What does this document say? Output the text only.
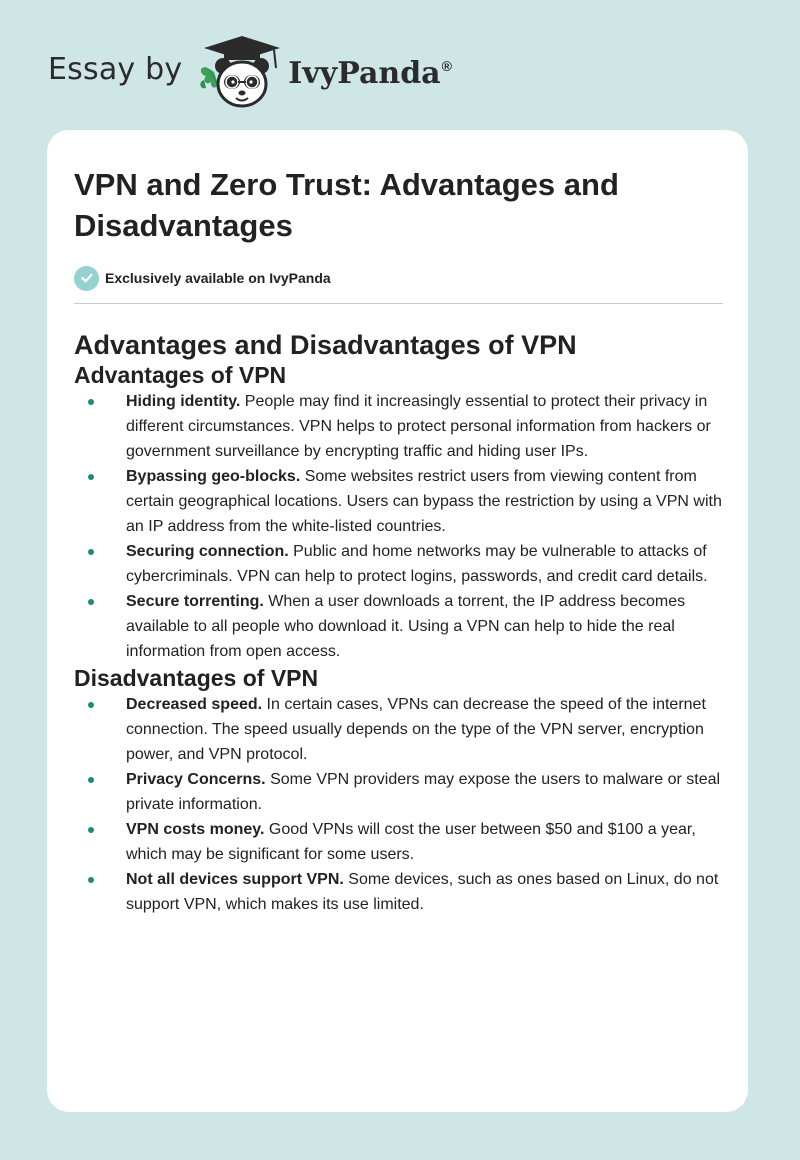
Essay by	IvyPanda®
VPN and Zero Trust: Advantages and Disadvantages
Exclusively available on IvyPanda
Advantages and Disadvantages of VPN
Advantages of VPN
Hiding identity. People may find it increasingly essential to protect their privacy in different circumstances. VPN helps to protect personal information from hackers or government surveillance by encrypting traffic and hiding user IPs.
Bypassing geo-blocks. Some websites restrict users from viewing content from certain geographical locations. Users can bypass the restriction by using a VPN with an IP address from the white-listed countries.
Securing connection. Public and home networks may be vulnerable to attacks of cybercriminals. VPN can help to protect logins, passwords, and credit card details.
Secure torrenting. When a user downloads a torrent, the IP address becomes available to all people who download it. Using a VPN can help to hide the real information from open access.
Disadvantages of VPN
Decreased speed. In certain cases, VPNs can decrease the speed of the internet connection. The speed usually depends on the type of the VPN server, encryption power, and VPN protocol.
Privacy Concerns. Some VPN providers may expose the users to malware or steal private information.
VPN costs money. Good VPNs will cost the user between $50 and $100 a year, which may be significant for some users.
Not all devices support VPN. Some devices, such as ones based on Linux, do not support VPN, which makes its use limited.
